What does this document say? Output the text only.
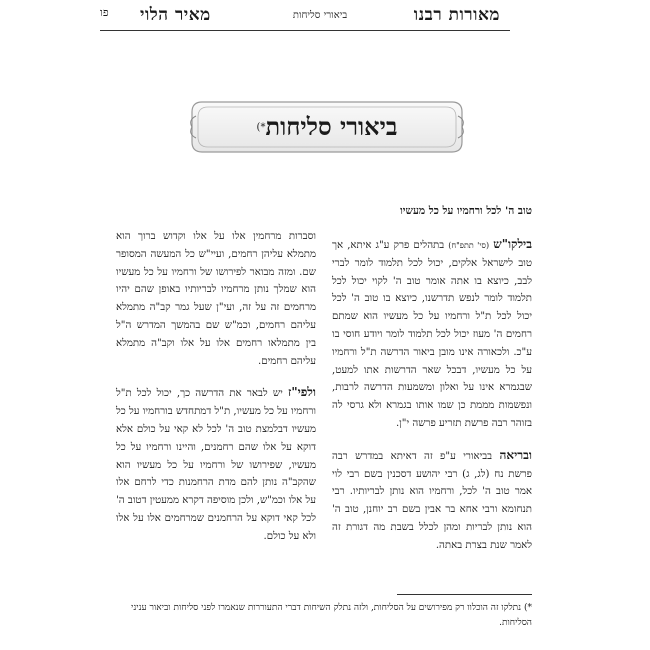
מאורות רבנו
ביאורי סליחות
מאיר הלוי
פו
ביאורי סליחות
*)
טוב ה' לכל ורחמיו על כל מעשיו

בילקו"ש (סי' תתפ"ח) בתהלים פרק ע"ג איתא, אך טוב לישראל אלקים, יכול לכל תלמוד לומר לברי לבב, כיוצא בו אתה אומר טוב ה' לקוי יכול לכל תלמוד לומר לנפש תדרשנו, כיוצא בו טוב ה' לכל יכול לכל ת"ל ורחמיו על כל מעשיו הוא שמתם רחמים ה' מעוז יכול לכל תלמוד לומר ויודע חוסי בו ע"כ. ולכאורה אינו מובן ביאור הדרשה ת"ל ורחמיו על כל מעשיו, דבכל שאר הדרשות אתו למעט, שבגמרא אינו על ואלון ומשמעות הדרשה לרבות, ונפשמות מממת כן שמו אותו בגמרא ולא גרסי לה בזוהר רבה פרשת תזריע פרשה י"ן.

ובריאה בביאורי ע"פ זה דאיתא במדרש רבה פרשת נח (לג, ג) רבי יהושע דסכנין בשם רבי לוי אמר טוב ה' לכל, ורחמיו הוא נותן לבריותיו. רבי תנחומא ורבי אחא בר אבין בשם רב יוחנן, טוב ה' הוא נותן לבריות ומהן לכלל בשבת מה דגורת זה לאמר שנת בצרת באתה.

וסברות מרחמין אלו על אלו וקדוש ברוך הוא מתמלא עליהן רחמים, ועיי"ש כל המעשה המסופר שם. ומזה מבואר לפירושו של ורחמיו על כל מעשיו הוא שמלך נותן מרחמיו לבריותיו באופן שהם יהיו מרחמים זה על זה, ועי"ן שעל גמר קב"ה מתמלא עליהם רחמים, וכמ"ש שם בהמשך המדרש ה"ל בין מתמלאו רחמים אלו על אלו וקב"ה מתמלא עליהם רחמים.

ולפי"ז יש לבאר את הדרשה כך, יכול לכל ת"ל ורחמיו על כל מעשיו, ת"ל דמתחדש בורחמיו על כל מעשיו דבלמצת טוב ה' לכל לא קאי על כולם אלא דוקא על אלו שהם רחמנים, והיינו ורחמיו על כל מעשיו, שפירושו של ורחמיו על כל מעשיו הוא שהקב"ה נותן להם מדת הרחמנות כדי לרחם אלו על אלו וכמ"ש, ולכן מוסיפה דקרא ממעטין דטוב ה' לכל קאי דוקא על הרחמנים שמרחמים אלו על אלו ולא על כולם.

*) נתלקו זה הוכלוו רק מפירושים על הסליחות, ולזה נתלק השיחות דברי התעוררות שנאמרו לפני סליחות וביאור עניני הסליחות.
